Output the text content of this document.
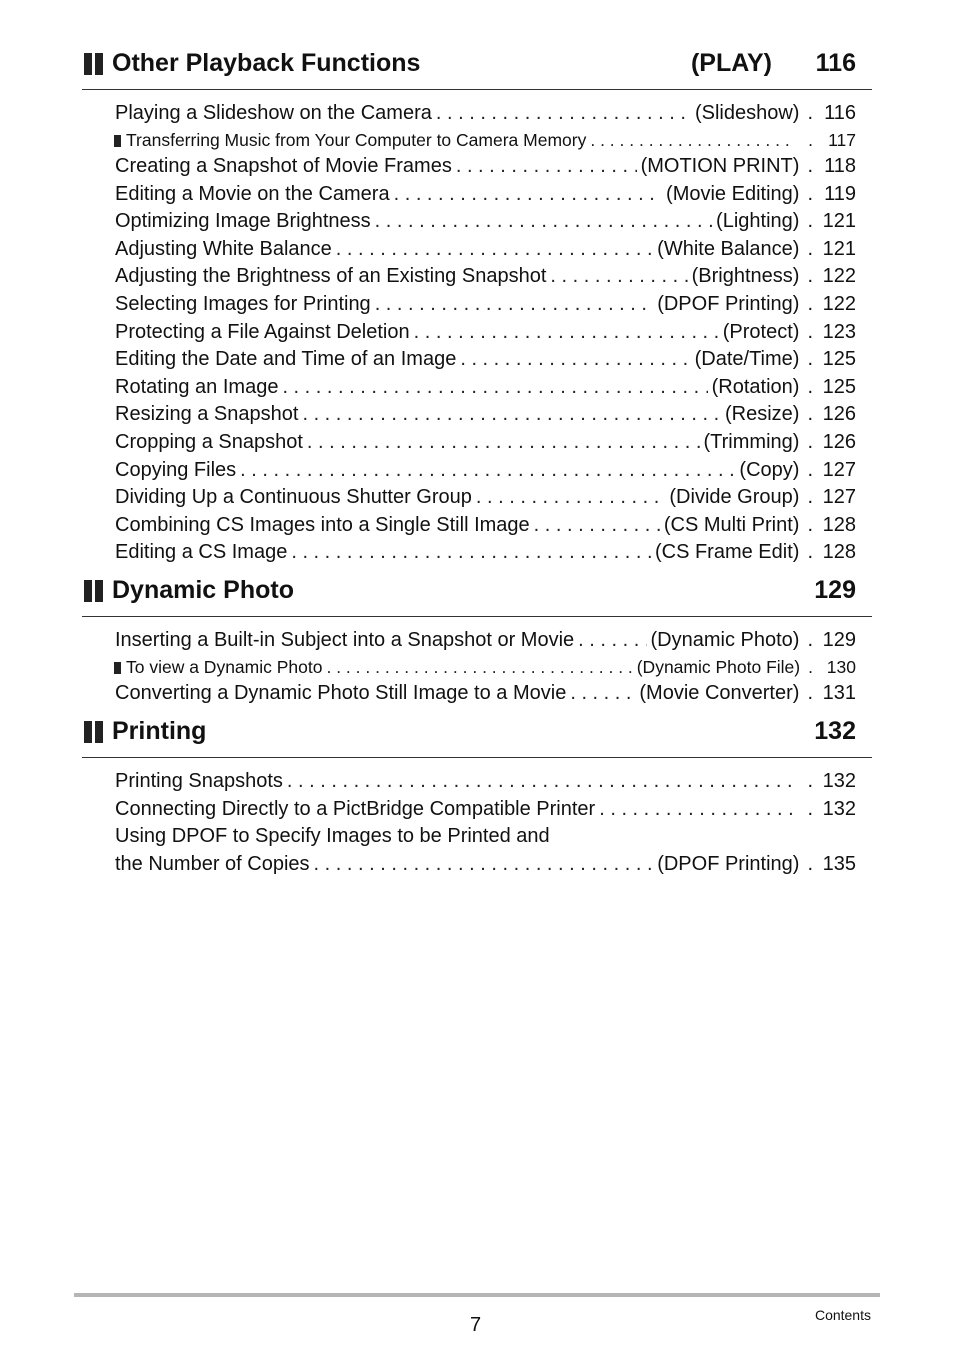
Other Playback Functions	(PLAY) 116
Playing a Slideshow on the Camera . . .	(Slideshow) . 116
Transferring Music from Your Computer to Camera Memory . . .	. 117
Creating a Snapshot of Movie Frames . . .	(MOTION PRINT) . 118
Editing a Movie on the Camera . . .	(Movie Editing) . 119
Optimizing Image Brightness . . .	(Lighting) . 121
Adjusting White Balance . . .	(White Balance) . 121
Adjusting the Brightness of an Existing Snapshot . . .	(Brightness) . 122
Selecting Images for Printing . . .	(DPOF Printing) . 122
Protecting a File Against Deletion . . .	(Protect) . 123
Editing the Date and Time of an Image . . .	(Date/Time) . 125
Rotating an Image . . .	(Rotation) . 125
Resizing a Snapshot . . .	(Resize) . 126
Cropping a Snapshot . . .	(Trimming) . 126
Copying Files . . .	(Copy) . 127
Dividing Up a Continuous Shutter Group . . .	(Divide Group) . 127
Combining CS Images into a Single Still Image . . .	(CS Multi Print) . 128
Editing a CS Image . . .	(CS Frame Edit) . 128
Dynamic Photo	129
Inserting a Built-in Subject into a Snapshot or Movie . . .	(Dynamic Photo) . 129
To view a Dynamic Photo . . .	(Dynamic Photo File) . 130
Converting a Dynamic Photo Still Image to a Movie . . .	(Movie Converter) . 131
Printing	132
Printing Snapshots . . .	. 132
Connecting Directly to a PictBridge Compatible Printer . . .	. 132
Using DPOF to Specify Images to be Printed and
the Number of Copies . . .	(DPOF Printing) . 135
7	Contents
